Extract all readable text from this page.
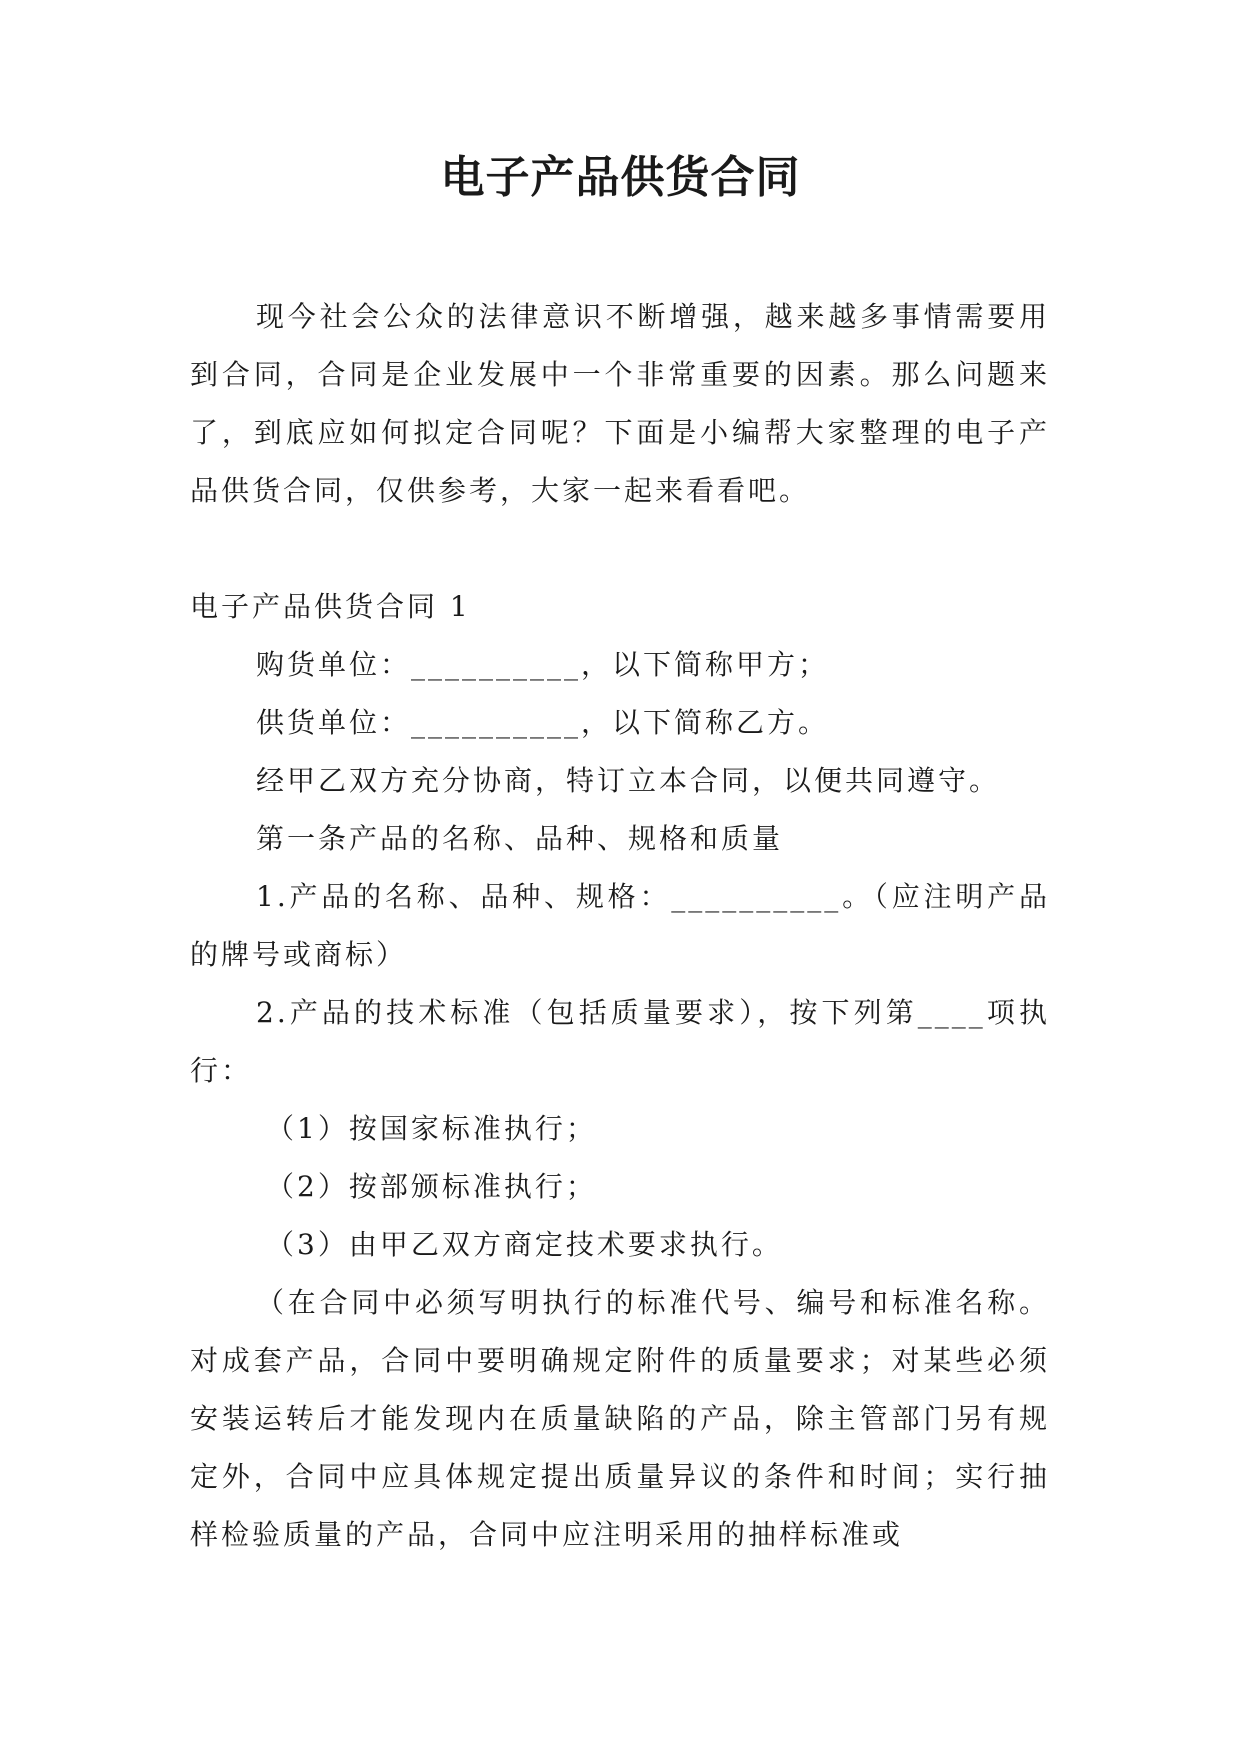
电子产品供货合同

现今社会公众的法律意识不断增强，越来越多事情需要用到合同，合同是企业发展中一个非常重要的因素。那么问题来了，到底应如何拟定合同呢？下面是小编帮大家整理的电子产品供货合同，仅供参考，大家一起来看看吧。

电子产品供货合同 1

购货单位：__________，以下简称甲方；

供货单位：__________，以下简称乙方。

经甲乙双方充分协商，特订立本合同，以便共同遵守。

第一条产品的名称、品种、规格和质量

1.产品的名称、品种、规格：__________。（应注明产品的牌号或商标）

2.产品的技术标准（包括质量要求），按下列第____项执行：

（1）按国家标准执行；

（2）按部颁标准执行；

（3）由甲乙双方商定技术要求执行。

（在合同中必须写明执行的标准代号、编号和标准名称。对成套产品，合同中要明确规定附件的质量要求；对某些必须安装运转后才能发现内在质量缺陷的产品，除主管部门另有规定外，合同中应具体规定提出质量异议的条件和时间；实行抽样检验质量的产品，合同中应注明采用的抽样标准或
